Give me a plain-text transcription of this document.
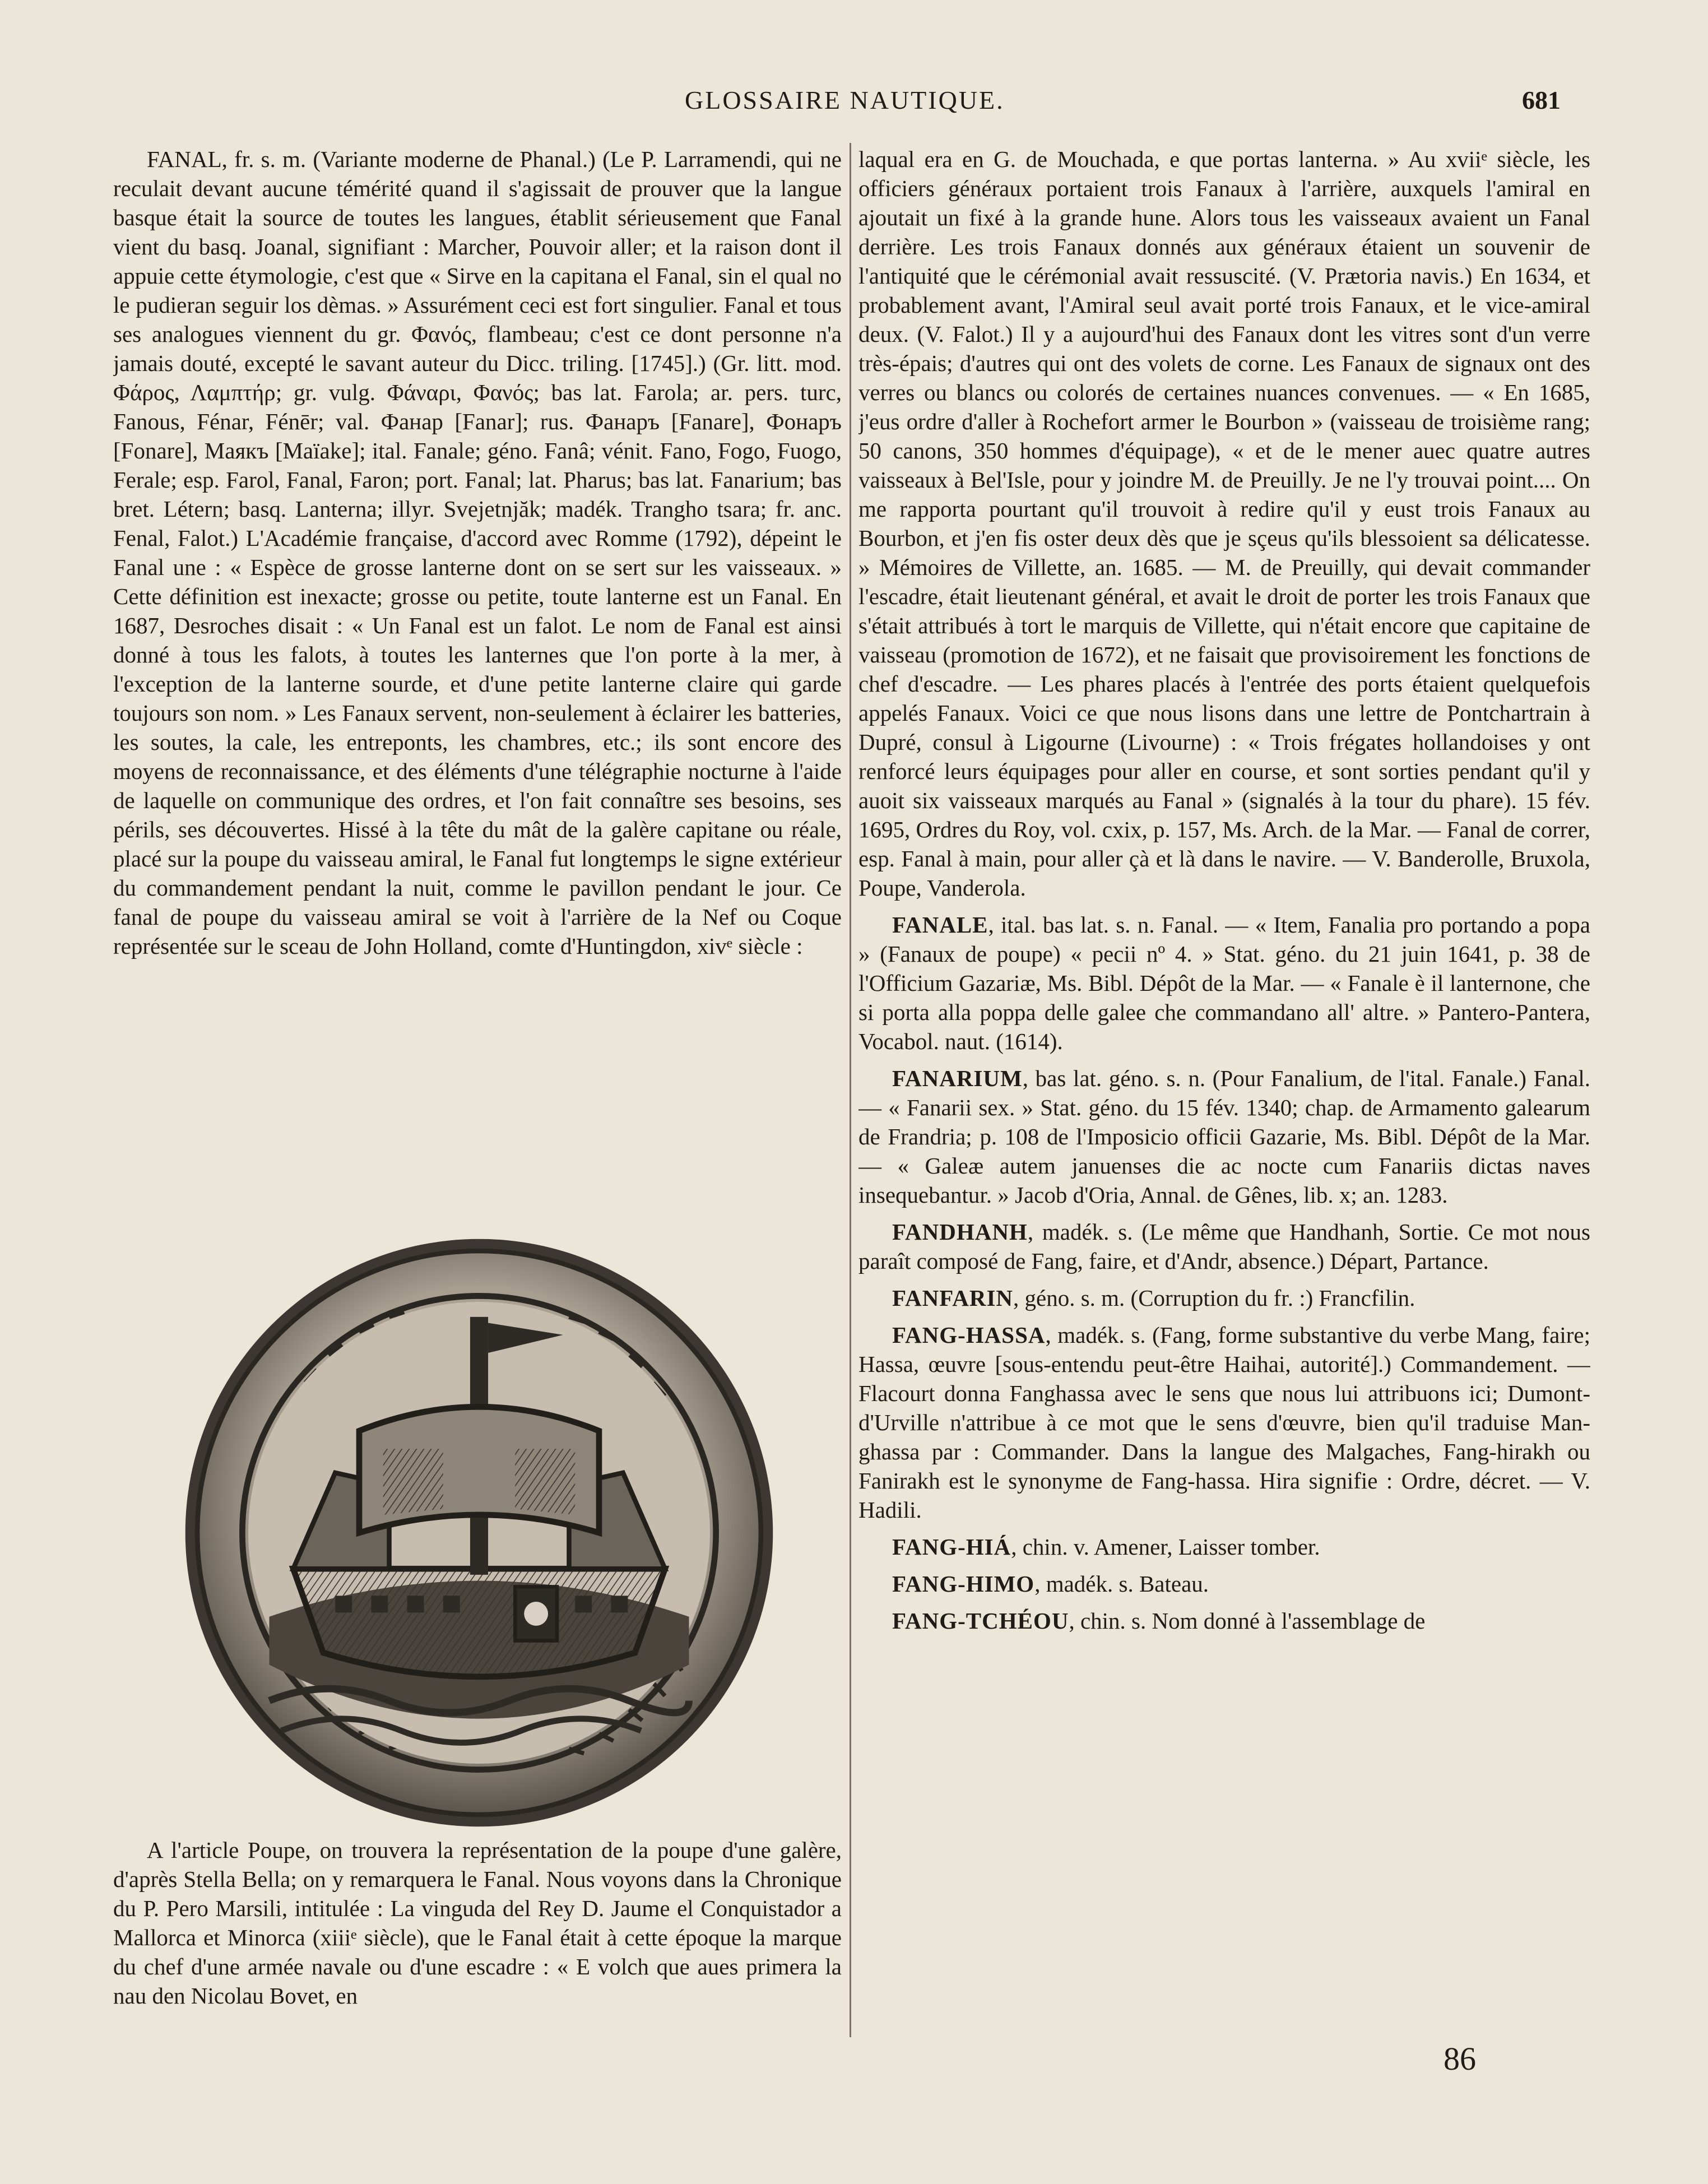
GLOSSAIRE NAUTIQUE.	681

FANAL, fr. s. m. (Variante moderne de Phanal.) (Le P. Larramendi, qui ne reculait devant aucune témérité quand il s'agissait de prouver que la langue basque était la source de toutes les langues, établit sérieusement que Fanal vient du basq. Joanal, signifiant : Marcher, Pouvoir aller; et la raison dont il appuie cette étymologie, c'est que « Sirve en la capitana el Fanal, sin el qual no le pudieran seguir los dèmas. » Assurément ceci est fort singulier. Fanal et tous ses analogues viennent du gr. Φανός, flambeau; c'est ce dont personne n'a jamais douté, excepté le savant auteur du Dicc. triling. [1745].) (Gr. litt. mod. Φάρος, Λαμπτήρ; gr. vulg. Φάναρι, Φανός; bas lat. Farola; ar. pers. turc, Fanous, Fénar, Fénēr; val. Фанар [Fanar]; rus. Фанаръ [Fanare], Фонаръ [Fonare], Маякъ [Maïake]; ital. Fanale; géno. Fanâ; vénit. Fano, Fogo, Fuogo, Ferale; esp. Farol, Fanal, Faron; port. Fanal; lat. Pharus; bas lat. Fanarium; bas bret. Létern; basq. Lanterna; illyr. Svejetnjăk; madék. Trangho tsara; fr. anc. Fenal, Falot.) L'Académie française, d'accord avec Romme (1792), dépeint le Fanal une : « Espèce de grosse lanterne dont on se sert sur les vaisseaux. » Cette définition est inexacte; grosse ou petite, toute lanterne est un Fanal. En 1687, Desroches disait : « Un Fanal est un falot. Le nom de Fanal est ainsi donné à tous les falots, à toutes les lanternes que l'on porte à la mer, à l'exception de la lanterne sourde, et d'une petite lanterne claire qui garde toujours son nom. » Les Fanaux servent, non-seulement à éclairer les batteries, les soutes, la cale, les entreponts, les chambres, etc.; ils sont encore des moyens de reconnaissance, et des éléments d'une télégraphie nocturne à l'aide de laquelle on communique des ordres, et l'on fait connaître ses besoins, ses périls, ses découvertes. Hissé à la tête du mât de la galère capitane ou réale, placé sur la poupe du vaisseau amiral, le Fanal fut longtemps le signe extérieur du commandement pendant la nuit, comme le pavillon pendant le jour. Ce fanal de poupe du vaisseau amiral se voit à l'arrière de la Nef ou Coque représentée sur le sceau de John Holland, comte d'Huntingdon, xivᵉ siècle :

A l'article Poupe, on trouvera la représentation de la poupe d'une galère, d'après Stella Bella; on y remarquera le Fanal. Nous voyons dans la Chronique du P. Pero Marsili, intitulée : La vinguda del Rey D. Jaume el Conquistador a Mallorca et Minorca (xiiiᵉ siècle), que le Fanal était à cette époque la marque du chef d'une armée navale ou d'une escadre : « E volch que aues primera la nau den Nicolau Bovet, en

laqual era en G. de Mouchada, e que portas lanterna. » Au xviiᵉ siècle, les officiers généraux portaient trois Fanaux à l'arrière, auxquels l'amiral en ajoutait un fixé à la grande hune. Alors tous les vaisseaux avaient un Fanal derrière. Les trois Fanaux donnés aux généraux étaient un souvenir de l'antiquité que le cérémonial avait ressuscité. (V. Prætoria navis.) En 1634, et probablement avant, l'Amiral seul avait porté trois Fanaux, et le vice-amiral deux. (V. Falot.) Il y a aujourd'hui des Fanaux dont les vitres sont d'un verre très-épais; d'autres qui ont des volets de corne. Les Fanaux de signaux ont des verres ou blancs ou colorés de certaines nuances convenues. — « En 1685, j'eus ordre d'aller à Rochefort armer le Bourbon » (vaisseau de troisième rang; 50 canons, 350 hommes d'équipage), « et de le mener auec quatre autres vaisseaux à Bel'Isle, pour y joindre M. de Preuilly. Je ne l'y trouvai point.... On me rapporta pourtant qu'il trouvoit à redire qu'il y eust trois Fanaux au Bourbon, et j'en fis oster deux dès que je sçeus qu'ils blessoient sa délicatesse. » Mémoires de Villette, an. 1685. — M. de Preuilly, qui devait commander l'escadre, était lieutenant général, et avait le droit de porter les trois Fanaux que s'était attribués à tort le marquis de Villette, qui n'était encore que capitaine de vaisseau (promotion de 1672), et ne faisait que provisoirement les fonctions de chef d'escadre. — Les phares placés à l'entrée des ports étaient quelquefois appelés Fanaux. Voici ce que nous lisons dans une lettre de Pontchartrain à Dupré, consul à Ligourne (Livourne) : « Trois frégates hollandoises y ont renforcé leurs équipages pour aller en course, et sont sorties pendant qu'il y auoit six vaisseaux marqués au Fanal » (signalés à la tour du phare). 15 fév. 1695, Ordres du Roy, vol. cxix, p. 157, Ms. Arch. de la Mar. — Fanal de correr, esp. Fanal à main, pour aller çà et là dans le navire. — V. Banderolle, Bruxola, Poupe, Vanderola.

FANALE, ital. bas lat. s. n. Fanal. — « Item, Fanalia pro portando a popa » (Fanaux de poupe) « pecii nº 4. » Stat. géno. du 21 juin 1641, p. 38 de l'Officium Gazariæ, Ms. Bibl. Dépôt de la Mar. — « Fanale è il lanternone, che si porta alla poppa delle galee che commandano all' altre. » Pantero-Pantera, Vocabol. naut. (1614).

FANARIUM, bas lat. géno. s. n. (Pour Fanalium, de l'ital. Fanale.) Fanal. — « Fanarii sex. » Stat. géno. du 15 fév. 1340; chap. de Armamento galearum de Frandria; p. 108 de l'Imposicio officii Gazarie, Ms. Bibl. Dépôt de la Mar. — « Galeæ autem januenses die ac nocte cum Fanariis dictas naves insequebantur. » Jacob d'Oria, Annal. de Gênes, lib. x; an. 1283.

FANDHANH, madék. s. (Le même que Handhanh, Sortie. Ce mot nous paraît composé de Fang, faire, et d'Andr, absence.) Départ, Partance.

FANFARIN, géno. s. m. (Corruption du fr. :) Francfilin.

FANG-HASSA, madék. s. (Fang, forme substantive du verbe Mang, faire; Hassa, œuvre [sous-entendu peut-être Haihai, autorité].) Commandement. — Flacourt donna Fanghassa avec le sens que nous lui attribuons ici; Dumont-d'Urville n'attribue à ce mot que le sens d'œuvre, bien qu'il traduise Man-ghassa par : Commander. Dans la langue des Malgaches, Fang-hirakh ou Fanirakh est le synonyme de Fang-hassa. Hira signifie : Ordre, décret. — V. Hadili.

FANG-HIÁ, chin. v. Amener, Laisser tomber.

FANG-HIMO, madék. s. Bateau.

FANG-TCHÉOU, chin. s. Nom donné à l'assemblage de

86
